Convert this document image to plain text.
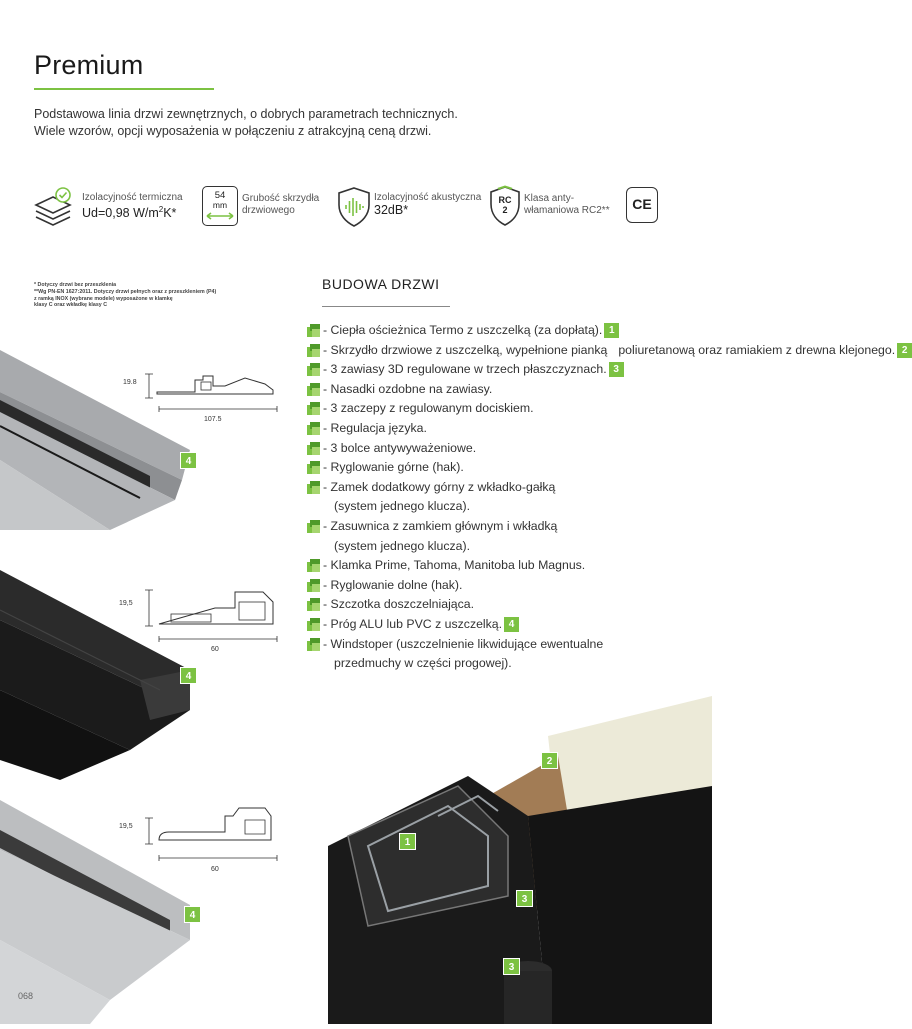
Premium
Podstawowa linia drzwi zewnętrznych, o dobrych parametrach technicznych.
Wiele wzorów, opcji wyposażenia w połączeniu z atrakcyjną ceną drzwi.
Izolacyjność termiczna
Ud=0,98 $W/m^2K*$
54
mm
Grubość skrzydła
drzwiowego
Izolacyjność akustyczna
32dB*
RC
2
Klasa anty-
włamaniowa RC2**	CE
* Dotyczy drzwi bez przeszklenia
**Wg PN-EN 1627:2011. Dotyczy drzwi pełnych oraz z przeszkleniem (P4)
z ramką INOX (wybrane modele) wyposażone w klamkę
klasy C oraz wkładkę klasy C
BUDOWA DRZWI
- Ciepła ościeżnica Termo z uszczelką (za dopłatą). 1
- Skrzydło drzwiowe z uszczelką, wypełnione pianką poliuretanową oraz ramiakiem z drewna klejonego. 2
- 3 zawiasy 3D regulowane w trzech płaszczyznach. 3
- Nasadki ozdobne na zawiasy.
- 3 zaczepy z regulowanym dociskiem.
- Regulacja języka.
- 3 bolce antywyważeniowe.
- Ryglowanie górne (hak).
- Zamek dodatkowy górny z wkładko-gałką
(system jednego klucza).
- Zasuwnica z zamkiem głównym i wkładką
(system jednego klucza).
- Klamka Prime, Tahoma, Manitoba lub Magnus.
- Ryglowanie dolne (hak).
- Szczotka doszczelniająca.
- Próg ALU lub PVC z uszczelką. 4
- Windstoper (uszczelnienie likwidujące ewentualne
przedmuchy w części progowej).
19.8
107.5
4
19,5
60
4
19,5
60
4
2
1
3
3
068
